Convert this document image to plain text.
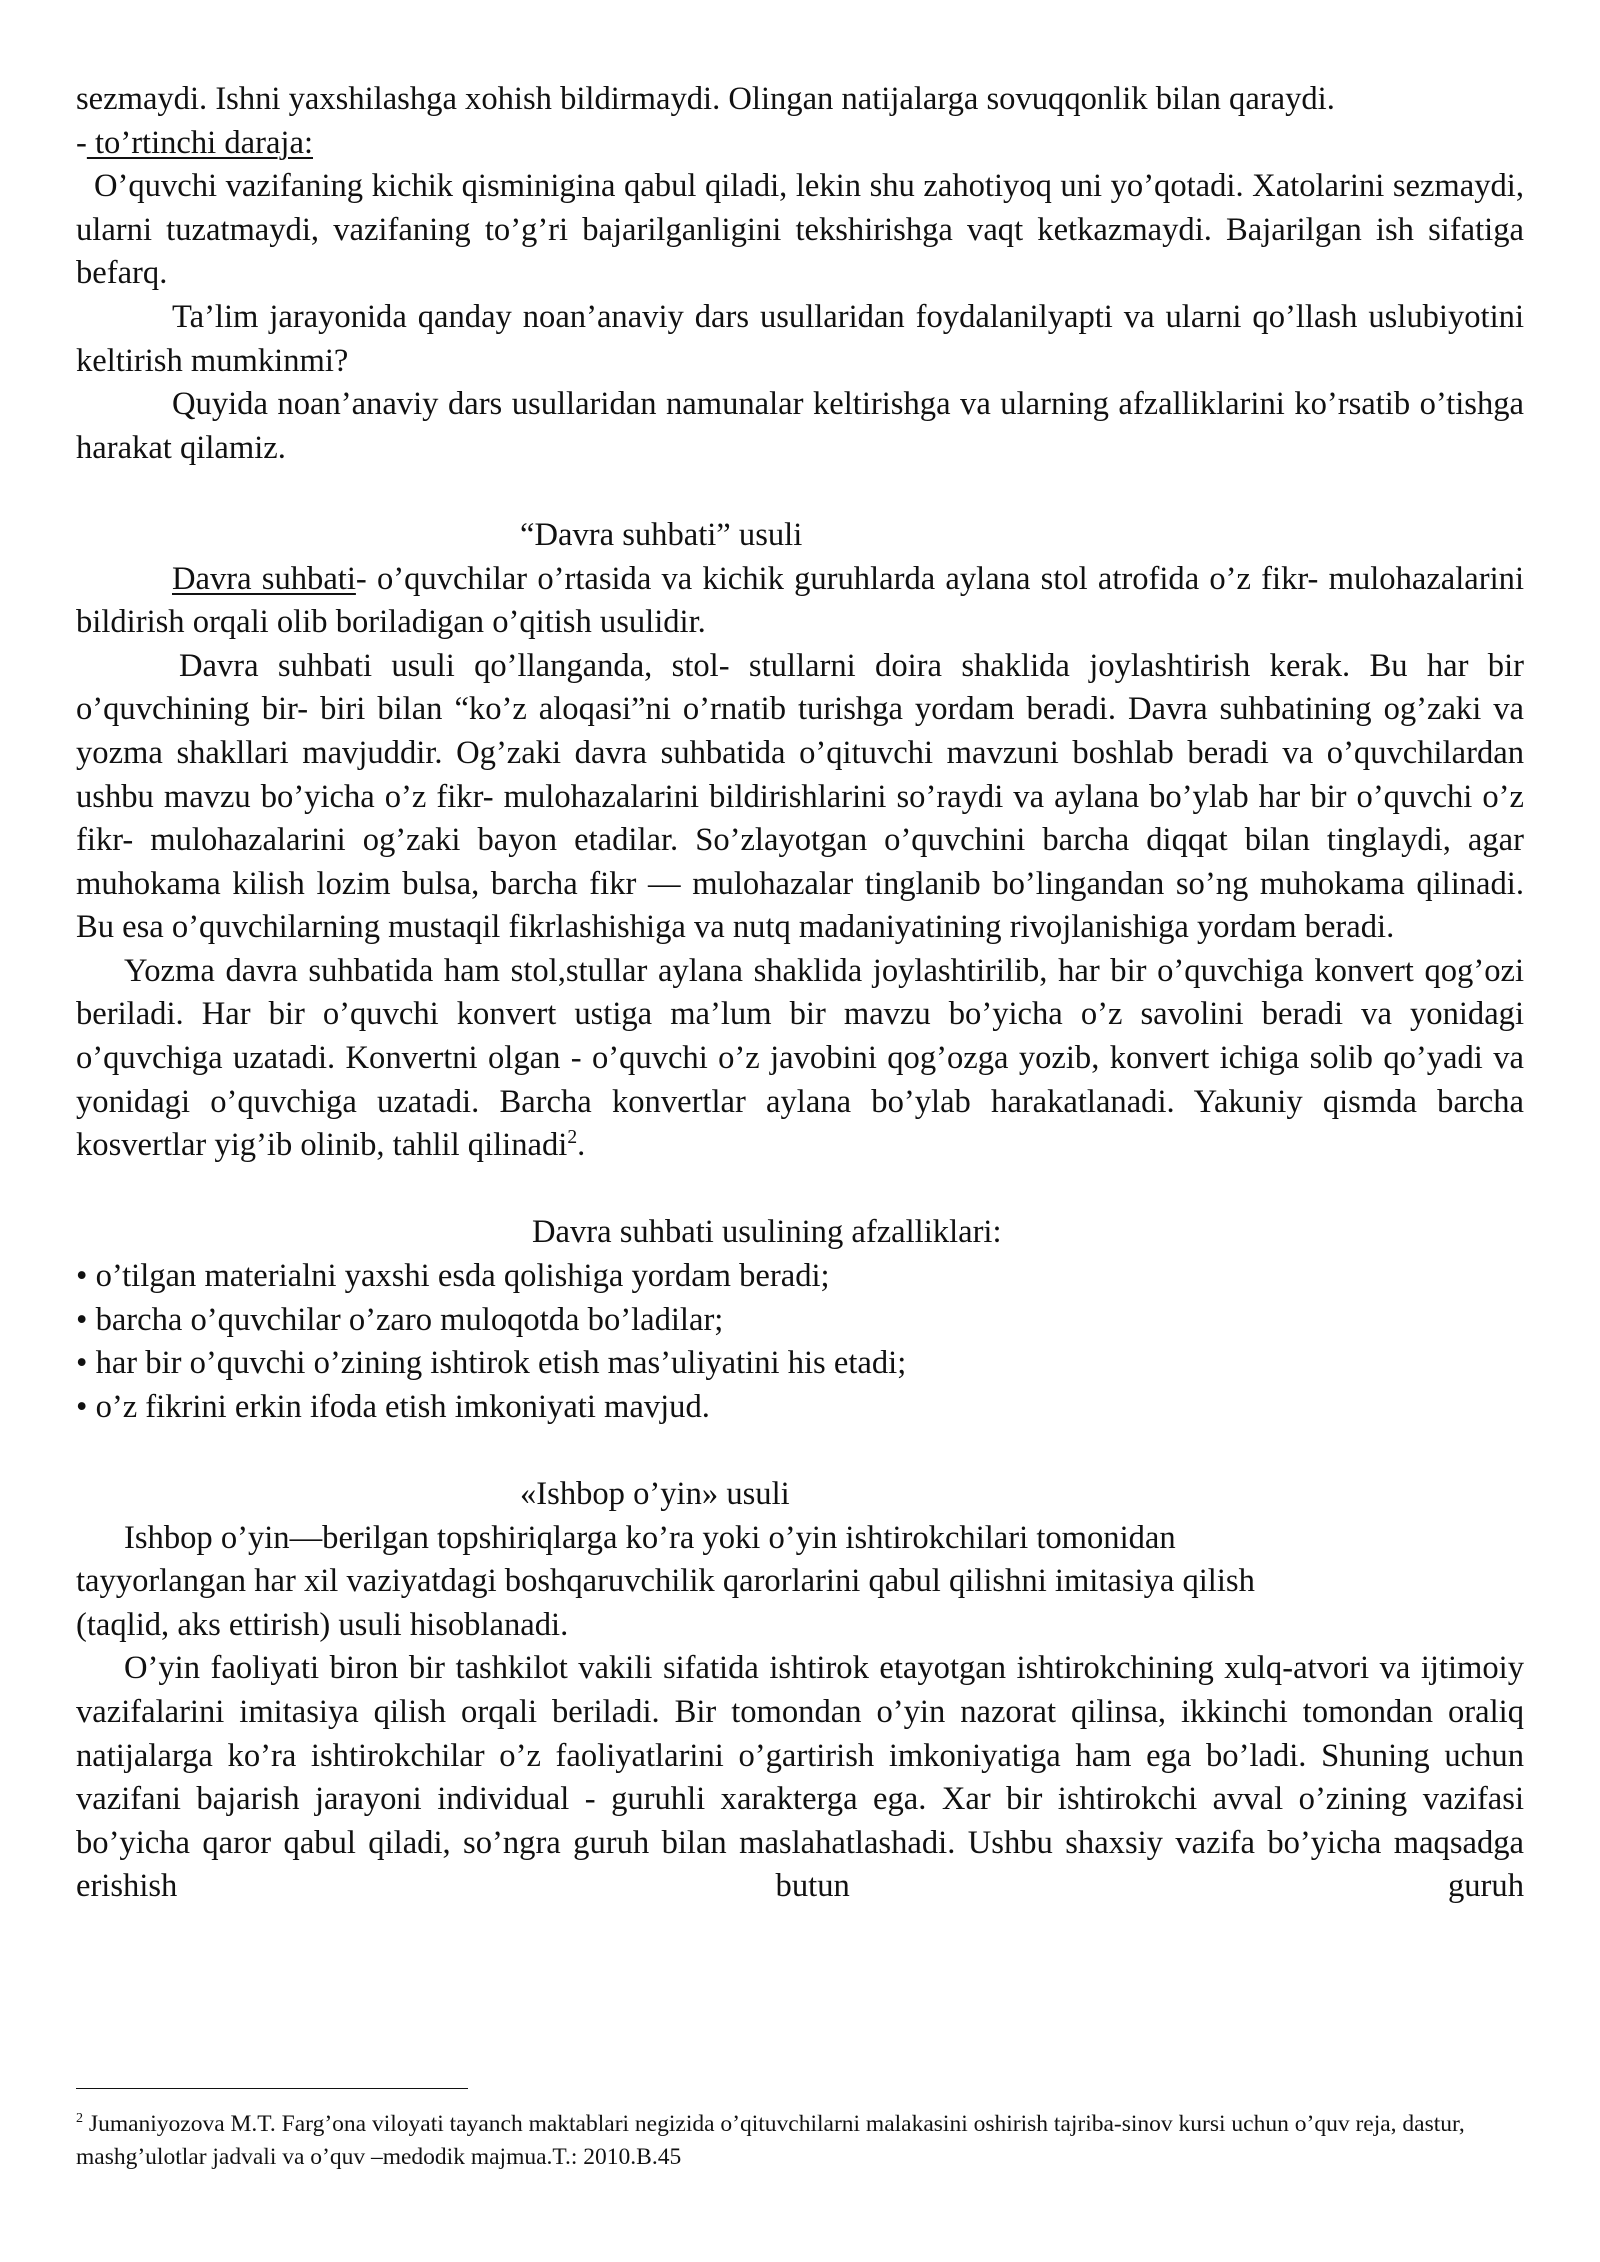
sezmaydi. Ishni yaxshilashga xohish bildirmaydi. Olingan natijalarga sovuqqonlik bilan qaraydi.

- to’rtinchi daraja:

O’quvchi vazifaning kichik qisminigina qabul qiladi, lekin shu zahotiyoq uni yo’qotadi. Xatolarini sezmaydi, ularni tuzatmaydi, vazifaning to’g’ri bajarilganligini tekshirishga vaqt ketkazmaydi. Bajarilgan ish sifatiga befarq.

Ta’lim jarayonida qanday noan’anaviy dars usullaridan foydalanilyapti va ularni qo’llash uslubiyotini keltirish mumkinmi?

Quyida noan’anaviy dars usullaridan namunalar keltirishga va ularning afzalliklarini ko’rsatib o’tishga harakat qilamiz.

“Davra suhbati” usuli

Davra suhbati- o’quvchilar o’rtasida va kichik guruhlarda aylana stol atrofida o’z fikr- mulohazalarini bildirish orqali olib boriladigan o’qitish usulidir.

Davra suhbati usuli qo’llanganda, stol- stullarni doira shaklida joylashtirish kerak. Bu har bir o’quvchining bir- biri bilan “ko’z aloqasi”ni o’rnatib turishga yordam beradi. Davra suhbatining og’zaki va yozma shakllari mavjuddir. Og’zaki davra suhbatida o’qituvchi mavzuni boshlab beradi va o’quvchilardan ushbu mavzu bo’yicha o’z fikr- mulohazalarini bildirishlarini so’raydi va aylana bo’ylab har bir o’quvchi o’z fikr- mulohazalarini og’zaki bayon etadilar. So’zlayotgan o’quvchini barcha diqqat bilan tinglaydi, agar muhokama kilish lozim bulsa, barcha fikr — mulohazalar tinglanib bo’lingandan so’ng muhokama qilinadi. Bu esa o’quvchilarning mustaqil fikrlashishiga va nutq madaniyatining rivojlanishiga yordam beradi.

Yozma davra suhbatida ham stol,stullar aylana shaklida joylashtirilib, har bir o’quvchiga konvert qog’ozi beriladi. Har bir o’quvchi konvert ustiga ma’lum bir mavzu bo’yicha o’z savolini beradi va yonidagi o’quvchiga uzatadi. Konvertni olgan - o’quvchi o’z javobini qog’ozga yozib, konvert ichiga solib qo’yadi va yonidagi o’quvchiga uzatadi. Barcha konvertlar aylana bo’ylab harakatlanadi. Yakuniy qismda barcha kosvertlar yig’ib olinib, tahlil qilinadi$^2$.

Davra suhbati usulining afzalliklari:

• o’tilgan materialni yaxshi esda qolishiga yordam beradi;

• barcha o’quvchilar o’zaro muloqotda bo’ladilar;

• har bir o’quvchi o’zining ishtirok etish mas’uliyatini his etadi;

• o’z fikrini erkin ifoda etish imkoniyati mavjud.

«Ishbop o’yin» usuli

Ishbop o’yin—berilgan topshiriqlarga ko’ra yoki o’yin ishtirokchilari tomonidan

tayyorlangan har xil vaziyatdagi boshqaruvchilik qarorlarini qabul qilishni imitasiya qilish

(taqlid, aks ettirish) usuli hisoblanadi.

O’yin faoliyati biron bir tashkilot vakili sifatida ishtirok etayotgan ishtirokchining xulq-atvori va ijtimoiy vazifalarini imitasiya qilish orqali beriladi. Bir tomondan o’yin nazorat qilinsa, ikkinchi tomondan oraliq natijalarga ko’ra ishtirokchilar o’z faoliyatlarini o’gartirish imkoniyatiga ham ega bo’ladi. Shuning uchun vazifani bajarish jarayoni individual - guruhli xarakterga ega. Xar bir ishtirokchi avval o’zining vazifasi bo’yicha qaror qabul qiladi, so’ngra guruh bilan maslahatlashadi. Ushbu shaxsiy vazifa bo’yicha maqsadga erishish butun guruh

$^2$ Jumaniyozova M.T. Farg’ona viloyati tayanch maktablari negizida o’qituvchilarni malakasini oshirish tajriba-sinov kursi uchun o’quv reja, dastur, mashg’ulotlar jadvali va o’quv –medodik majmua.T.: 2010.B.45
